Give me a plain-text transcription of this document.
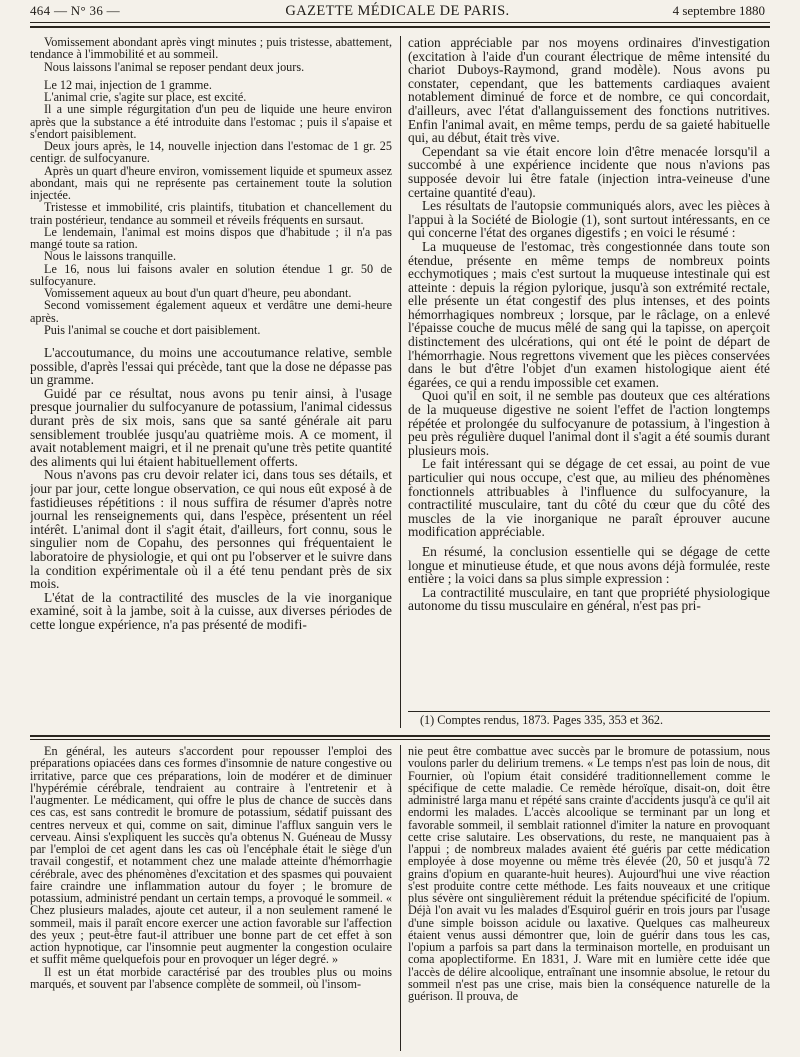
464 — N° 36 —	GAZETTE MÉDICALE DE PARIS.	4 septembre 1880

Vomissement abondant après vingt minutes ; puis tristesse, abattement, tendance à l'immobilité et au sommeil.

Nous laissons l'animal se reposer pendant deux jours.

Le 12 mai, injection de 1 gramme.

L'animal crie, s'agite sur place, est excité.

Il a une simple régurgitation d'un peu de liquide une heure environ après que la substance a été introduite dans l'estomac ; puis il s'apaise et s'endort paisiblement.

Deux jours après, le 14, nouvelle injection dans l'estomac de 1 gr. 25 centigr. de sulfocyanure.

Après un quart d'heure environ, vomissement liquide et spumeux assez abondant, mais qui ne représente pas certainement toute la solution injectée.

Tristesse et immobilité, cris plaintifs, titubation et chancellement du train postérieur, tendance au sommeil et réveils fréquents en sursaut.

Le lendemain, l'animal est moins dispos que d'habitude ; il n'a pas mangé toute sa ration.

Nous le laissons tranquille.

Le 16, nous lui faisons avaler en solution étendue 1 gr. 50 de sulfocyanure.

Vomissement aqueux au bout d'un quart d'heure, peu abondant.

Second vomissement également aqueux et verdâtre une demi-heure après.

Puis l'animal se couche et dort paisiblement.

L'accoutumance, du moins une accoutumance relative, semble possible, d'après l'essai qui précède, tant que la dose ne dépasse pas un gramme.

Guidé par ce résultat, nous avons pu tenir ainsi, à l'usage presque journalier du sulfocyanure de potassium, l'animal cidessus durant près de six mois, sans que sa santé générale ait paru sensiblement troublée jusqu'au quatrième mois. A ce moment, il avait notablement maigri, et il ne prenait qu'une très petite quantité des aliments qui lui étaient habituellement offerts.

Nous n'avons pas cru devoir relater ici, dans tous ses détails, et jour par jour, cette longue observation, ce qui nous eût exposé à de fastidieuses répétitions : il nous suffira de résumer d'après notre journal les renseignements qui, dans l'espèce, présentent un réel intérêt. L'animal dont il s'agit était, d'ailleurs, fort connu, sous le singulier nom de Copahu, des personnes qui fréquentaient le laboratoire de physiologie, et qui ont pu l'observer et le suivre dans la condition expérimentale où il a été tenu pendant près de six mois.

L'état de la contractilité des muscles de la vie inorganique examiné, soit à la jambe, soit à la cuisse, aux diverses périodes de cette longue expérience, n'a pas présenté de modifi-

cation appréciable par nos moyens ordinaires d'investigation (excitation à l'aide d'un courant électrique de même intensité du chariot Duboys-Raymond, grand modèle). Nous avons pu constater, cependant, que les battements cardiaques avaient notablement diminué de force et de nombre, ce qui concordait, d'ailleurs, avec l'état d'allanguissement des fonctions nutritives. Enfin l'animal avait, en même temps, perdu de sa gaieté habituelle qui, au début, était très vive.

Cependant sa vie était encore loin d'être menacée lorsqu'il a succombé à une expérience incidente que nous n'avions pas supposée devoir lui être fatale (injection intra-veineuse d'une certaine quantité d'eau).

Les résultats de l'autopsie communiqués alors, avec les pièces à l'appui à la Société de Biologie (1), sont surtout intéressants, en ce qui concerne l'état des organes digestifs ; en voici le résumé :

La muqueuse de l'estomac, très congestionnée dans toute son étendue, présente en même temps de nombreux points ecchymotiques ; mais c'est surtout la muqueuse intestinale qui est atteinte : depuis la région pylorique, jusqu'à son extrémité rectale, elle présente un état congestif des plus intenses, et des points hémorrhagiques nombreux ; lorsque, par le râclage, on a enlevé l'épaisse couche de mucus mêlé de sang qui la tapisse, on aperçoit distinctement des ulcérations, qui ont été le point de départ de l'hémorrhagie. Nous regrettons vivement que les pièces conservées dans le but d'être l'objet d'un examen histologique aient été égarées, ce qui a rendu impossible cet examen.

Quoi qu'il en soit, il ne semble pas douteux que ces altérations de la muqueuse digestive ne soient l'effet de l'action longtemps répétée et prolongée du sulfocyanure de potassium, à l'ingestion à peu près régulière duquel l'animal dont il s'agit a été soumis durant plusieurs mois.

Le fait intéressant qui se dégage de cet essai, au point de vue particulier qui nous occupe, c'est que, au milieu des phénomènes fonctionnels attribuables à l'influence du sulfocyanure, la contractilité musculaire, tant du côté du cœur que du côté des muscles de la vie inorganique ne paraît éprouver aucune modification appréciable.

En résumé, la conclusion essentielle qui se dégage de cette longue et minutieuse étude, et que nous avons déjà formulée, reste entière ; la voici dans sa plus simple expression :

La contractilité musculaire, en tant que propriété physiologique autonome du tissu musculaire en général, n'est pas pri-

(1) Comptes rendus, 1873. Pages 335, 353 et 362.

En général, les auteurs s'accordent pour repousser l'emploi des préparations opiacées dans ces formes d'insomnie de nature congestive ou irritative, parce que ces préparations, loin de modérer et de diminuer l'hypérémie cérébrale, tendraient au contraire à l'entretenir et à l'augmenter. Le médicament, qui offre le plus de chance de succès dans ces cas, est sans contredit le bromure de potassium, sédatif puissant des centres nerveux et qui, comme on sait, diminue l'afflux sanguin vers le cerveau. Ainsi s'expliquent les succès qu'a obtenus N. Guéneau de Mussy par l'emploi de cet agent dans les cas où l'encéphale était le siège d'un travail congestif, et notamment chez une malade atteinte d'hémorrhagie cérébrale, avec des phénomènes d'excitation et des spasmes qui pouvaient faire craindre une inflammation autour du foyer ; le bromure de potassium, administré pendant un certain temps, a provoqué le sommeil. « Chez plusieurs malades, ajoute cet auteur, il a non seulement ramené le sommeil, mais il paraît encore exercer une action favorable sur l'affection des yeux ; peut-être faut-il attribuer une bonne part de cet effet à son action hypnotique, car l'insomnie peut augmenter la congestion oculaire et suffit même quelquefois pour en provoquer un léger degré. »

Il est un état morbide caractérisé par des troubles plus ou moins marqués, et souvent par l'absence complète de sommeil, où l'insom-

nie peut être combattue avec succès par le bromure de potassium, nous voulons parler du delirium tremens. « Le temps n'est pas loin de nous, dit Fournier, où l'opium était considéré traditionnellement comme le spécifique de cette maladie. Ce remède héroïque, disait-on, doit être administré larga manu et répété sans crainte d'accidents jusqu'à ce qu'il ait endormi les malades. L'accès alcoolique se terminant par un long et favorable sommeil, il semblait rationnel d'imiter la nature en provoquant cette crise salutaire. Les observations, du reste, ne manquaient pas à l'appui ; de nombreux malades avaient été guéris par cette médication employée à dose moyenne ou même très élevée (20, 50 et jusqu'à 72 grains d'opium en quarante-huit heures). Aujourd'hui une vive réaction s'est produite contre cette méthode. Les faits nouveaux et une critique plus sévère ont singulièrement réduit la prétendue spécificité de l'opium. Déjà l'on avait vu les malades d'Esquirol guérir en trois jours par l'usage d'une simple boisson acidule ou laxative. Quelques cas malheureux étaient venus aussi démontrer que, loin de guérir dans tous les cas, l'opium a parfois sa part dans la terminaison mortelle, en produisant un coma apoplectiforme. En 1831, J. Ware mit en lumière cette idée que l'accès de délire alcoolique, entraînant une insomnie absolue, le retour du sommeil n'est pas une crise, mais bien la conséquence naturelle de la guérison. Il prouva, de
